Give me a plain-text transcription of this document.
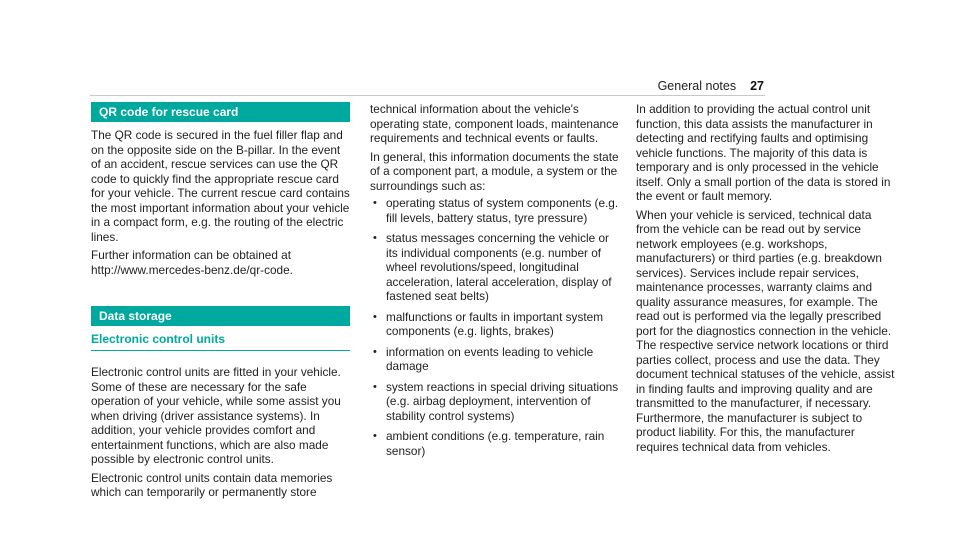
General notes 27
QR code for rescue card

The QR code is secured in the fuel filler flap and on the opposite side on the B-pillar. In the event of an accident, rescue services can use the QR code to quickly find the appropriate rescue card for your vehicle. The current rescue card contains the most important information about your vehicle in a compact form, e.g. the routing of the electric lines.

Further information can be obtained at http://www.mercedes-benz.de/qr-code.

Data storage
Electronic control units

Electronic control units are fitted in your vehicle. Some of these are necessary for the safe operation of your vehicle, while some assist you when driving (driver assistance systems). In addition, your vehicle provides comfort and entertainment functions, which are also made possible by electronic control units.

Electronic control units contain data memories which can temporarily or permanently store

technical information about the vehicle's operating state, component loads, maintenance requirements and technical events or faults.

In general, this information documents the state of a component part, a module, a system or the surroundings such as:

• operating status of system components (e.g. fill levels, battery status, tyre pressure)
• status messages concerning the vehicle or its individual components (e.g. number of wheel revolutions/speed, longitudinal acceleration, lateral acceleration, display of fastened seat belts)
• malfunctions or faults in important system components (e.g. lights, brakes)
• information on events leading to vehicle damage
• system reactions in special driving situations (e.g. airbag deployment, intervention of stability control systems)
• ambient conditions (e.g. temperature, rain sensor)

In addition to providing the actual control unit function, this data assists the manufacturer in detecting and rectifying faults and optimising vehicle functions. The majority of this data is temporary and is only processed in the vehicle itself. Only a small portion of the data is stored in the event or fault memory.

When your vehicle is serviced, technical data from the vehicle can be read out by service network employees (e.g. workshops, manufacturers) or third parties (e.g. breakdown services). Services include repair services, maintenance processes, warranty claims and quality assurance measures, for example. The read out is performed via the legally prescribed port for the diagnostics connection in the vehicle. The respective service network locations or third parties collect, process and use the data. They document technical statuses of the vehicle, assist in finding faults and improving quality and are transmitted to the manufacturer, if necessary. Furthermore, the manufacturer is subject to product liability. For this, the manufacturer requires technical data from vehicles.
